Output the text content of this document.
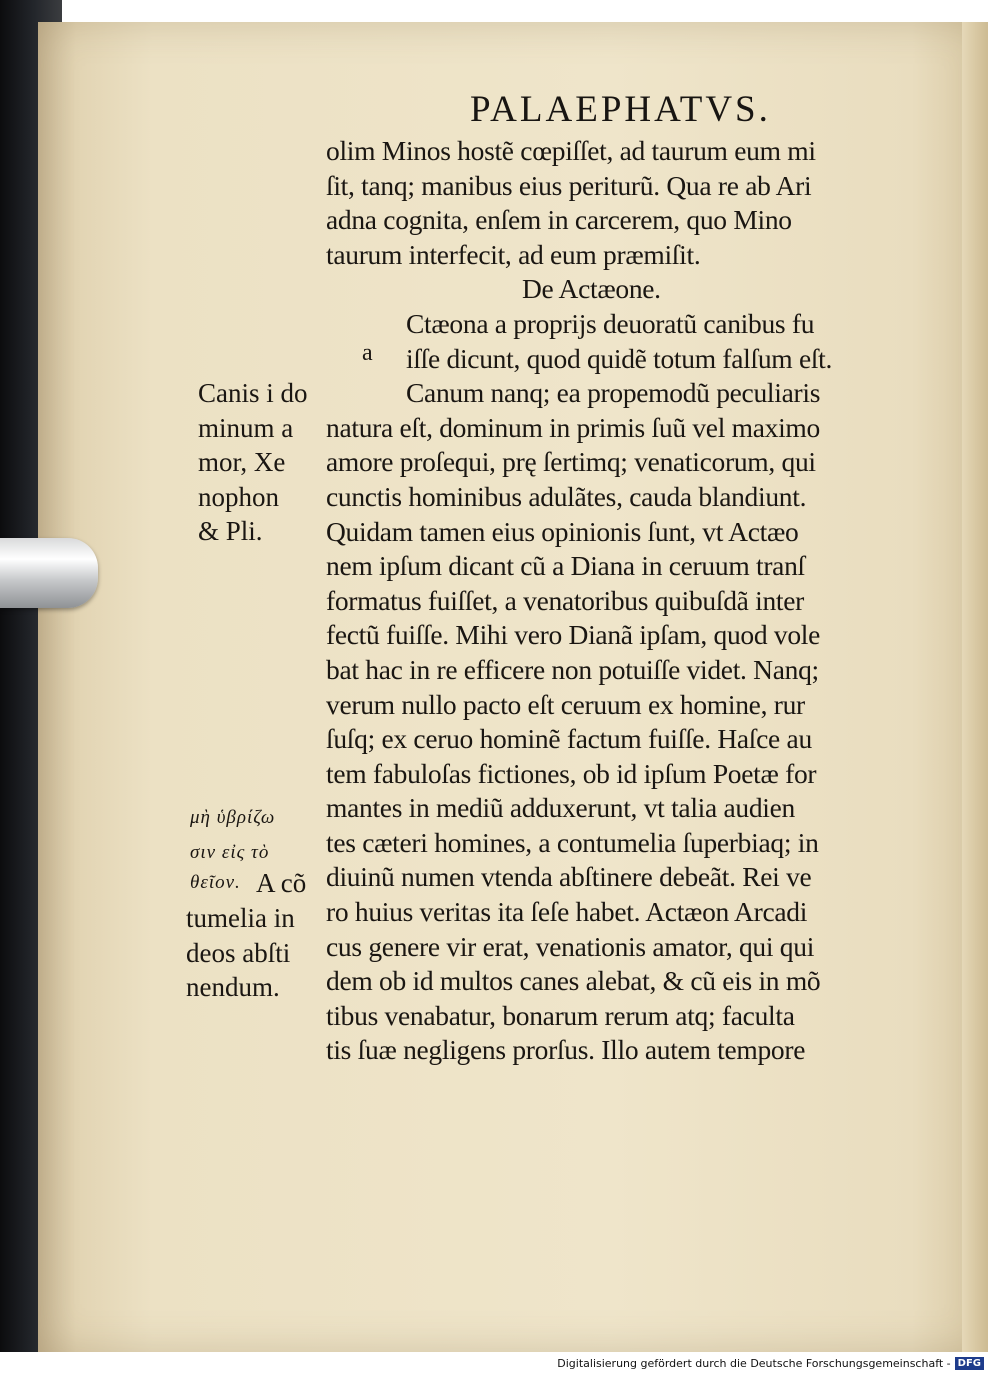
PALAEPHATVS.
a
olim Minos hostẽ cœpiſſet, ad taurum eum mi
ſit, tanq; manibus eius periturũ. Qua re ab Ari
adna cognita, enſem in carcerem, quo Mino
taurum interfecit, ad eum præmiſit.
De Actæone.
Ctæona a proprijs deuoratũ canibus fu
iſſe dicunt, quod quidẽ totum falſum eſt.
Canum nanq; ea propemodũ peculiaris
natura eſt, dominum in primis ſuũ vel maximo
amore proſequi, prę ſertimq; venaticorum, qui
cunctis hominibus adulãtes, cauda blandiunt.
Quidam tamen eius opinionis ſunt, vt Actæo
nem ipſum dicant cũ a Diana in ceruum tranſ
formatus fuiſſet, a venatoribus quibuſdã inter
fectũ fuiſſe. Mihi vero Dianã ipſam, quod vole
bat hac in re efficere non potuiſſe videt. Nanq;
verum nullo pacto eſt ceruum ex homine, rur
ſuſq; ex ceruo hominẽ factum fuiſſe. Haſce au
tem fabuloſas fictiones, ob id ipſum Poetæ for
mantes in mediũ adduxerunt, vt talia audien
tes cæteri homines, a contumelia ſuperbiaq; in
diuinũ numen vtenda abſtinere debeãt. Rei ve
ro huius veritas ita ſeſe habet. Actæon Arcadi
cus genere vir erat, venationis amator, qui qui
dem ob id multos canes alebat, & cũ eis in mõ
tibus venabatur, bonarum rerum atq; faculta
tis ſuæ negligens prorſus. Illo autem tempore
Canis i do
minum a
mor, Xe
nophon
& Pli.
μὴ ὑβρίζω
σιν εἰς τὸ
θεῖον. A cõ
tumelia in
deos abſti
nendum.
Digitalisierung gefördert durch die Deutsche Forschungsgemeinschaft - DFG
